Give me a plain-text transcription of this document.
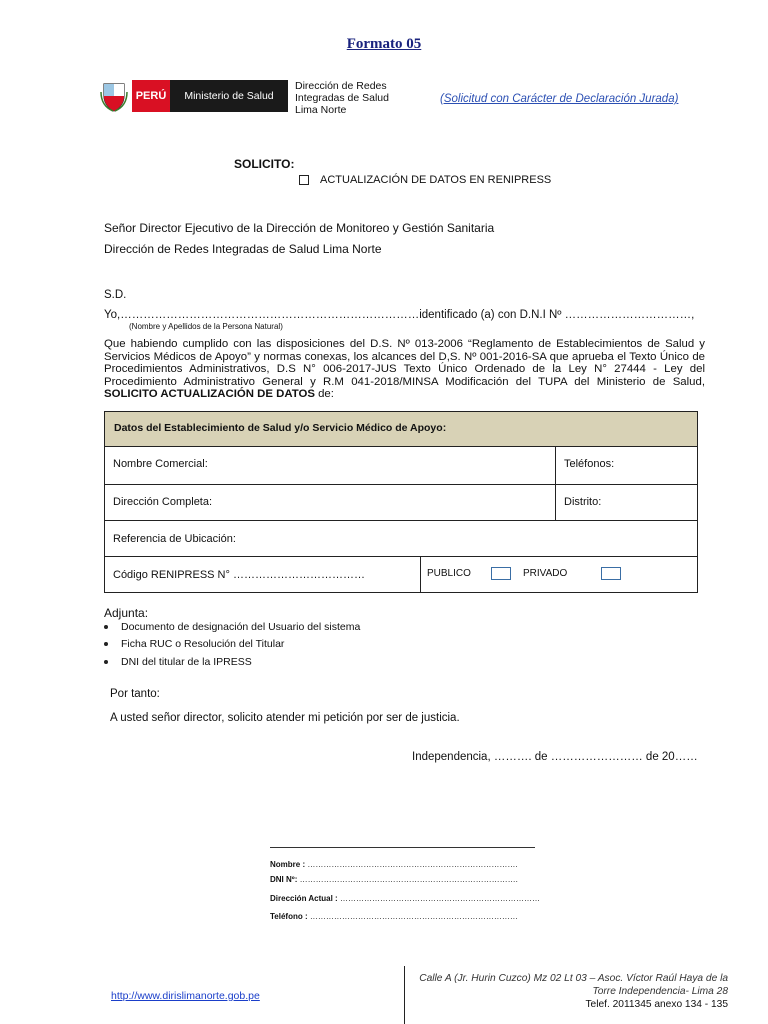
Formato 05
PERÚ	Ministerio de Salud
Dirección de Redes
Integradas de Salud
Lima Norte
(Solicitud con Carácter de Declaración Jurada)
SOLICITO:
ACTUALIZACIÓN DE DATOS EN RENIPRESS
Señor Director Ejecutivo de la Dirección de Monitoreo y Gestión Sanitaria
Dirección de Redes Integradas de Salud Lima Norte
S.D.
Yo,……………………………………………………………………identificado (a) con D.N.I Nº ……………………………,
(Nombre y Apellidos de la Persona Natural)
Que habiendo cumplido con las disposiciones del D.S. Nº 013-2006 “Reglamento de Establecimientos de Salud y Servicios Médicos de Apoyo” y normas conexas, los alcances del D,S. Nº 001-2016-SA que aprueba el Texto Único de Procedimientos Administrativos, D.S N° 006-2017-JUS Texto Único Ordenado de la Ley N° 27444 - Ley del Procedimiento Administrativo General y R.M 041-2018/MINSA Modificación del TUPA del Ministerio de Salud, SOLICITO ACTUALIZACIÓN DE DATOS de:
Datos del Establecimiento de Salud y/o Servicio Médico de Apoyo:
Nombre Comercial:	Teléfonos:
Dirección Completa:	Distrito:
Referencia de Ubicación:
Código RENIPRESS N° ………………………………	PUBLICO	PRIVADO
Adjunta:
Documento de designación del Usuario del sistema
Ficha RUC o Resolución del Titular
DNI del titular de la IPRESS
Por tanto:
A usted señor director, solicito atender mi petición por ser de justicia.
Independencia, ………. de …………………… de 20……
Nombre : …………………………………………………………………….
DNI Nº: ……………………………………………………………………….
Dirección Actual : …………………………………………………………………
Teléfono : ……………………………………………………………………
Calle A (Jr. Hurin Cuzco) Mz 02 Lt 03 – Asoc. Víctor Raúl Haya de la
Torre Independencia- Lima 28
Telef. 2011345 anexo 134 - 135
http://www.dirislimanorte.gob.pe
